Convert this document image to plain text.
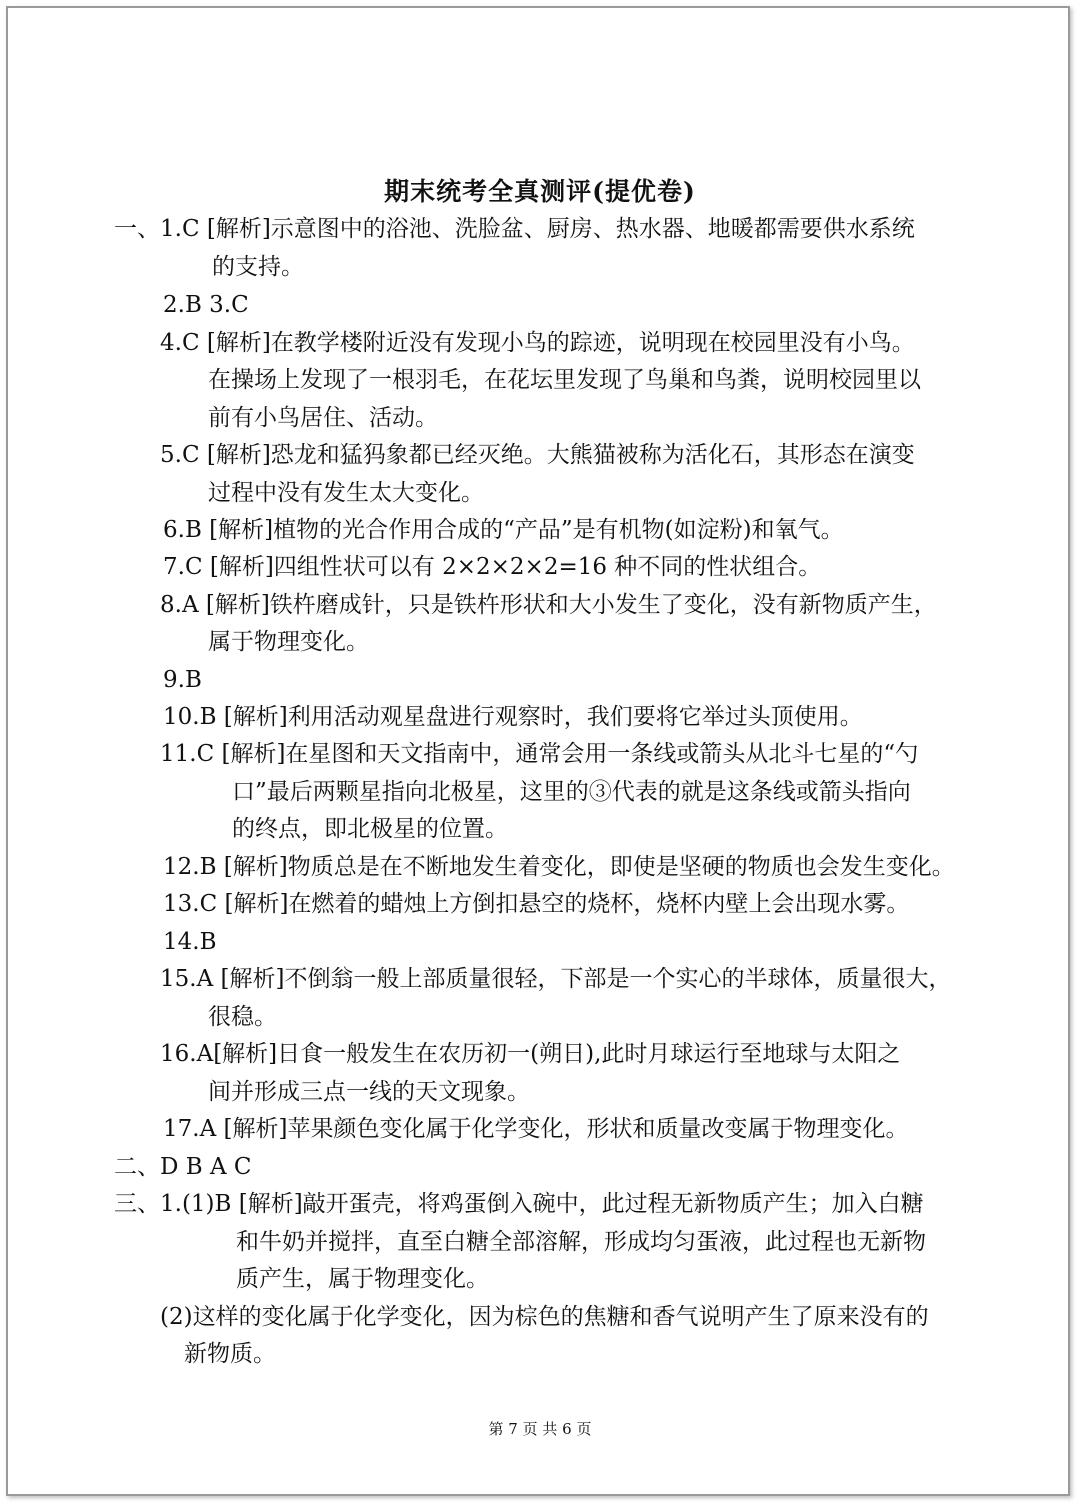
期末统考全真测评(提优卷)
一、1.C [解析]示意图中的浴池、洗脸盆、厨房、热水器、地暖都需要供水系统
的支持。
2.B 3.C
4.C [解析]在教学楼附近没有发现小鸟的踪迹，说明现在校园里没有小鸟。
在操场上发现了一根羽毛，在花坛里发现了鸟巢和鸟粪，说明校园里以
前有小鸟居住、活动。
5.C [解析]恐龙和猛犸象都已经灭绝。大熊猫被称为活化石，其形态在演变
过程中没有发生太大变化。
6.B [解析]植物的光合作用合成的“产品”是有机物(如淀粉)和氧气。
7.C [解析]四组性状可以有 2×2×2×2=16 种不同的性状组合。
8.A [解析]铁杵磨成针，只是铁杵形状和大小发生了变化，没有新物质产生，
属于物理变化。
9.B
10.B [解析]利用活动观星盘进行观察时，我们要将它举过头顶使用。
11.C [解析]在星图和天文指南中，通常会用一条线或箭头从北斗七星的“勺
口”最后两颗星指向北极星，这里的③代表的就是这条线或箭头指向
的终点，即北极星的位置。
12.B [解析]物质总是在不断地发生着变化，即使是坚硬的物质也会发生变化。
13.C [解析]在燃着的蜡烛上方倒扣悬空的烧杯，烧杯内壁上会出现水雾。
14.B
15.A [解析]不倒翁一般上部质量很轻，下部是一个实心的半球体，质量很大，
很稳。
16.A[解析]日食一般发生在农历初一(朔日),此时月球运行至地球与太阳之
间并形成三点一线的天文现象。
17.A [解析]苹果颜色变化属于化学变化，形状和质量改变属于物理变化。
二、D B A C
三、1.(1)B [解析]敲开蛋壳，将鸡蛋倒入碗中，此过程无新物质产生；加入白糖
和牛奶并搅拌，直至白糖全部溶解，形成均匀蛋液，此过程也无新物
质产生，属于物理变化。
(2)这样的变化属于化学变化，因为棕色的焦糖和香气说明产生了原来没有的
新物质。
第 7 页 共 6 页
